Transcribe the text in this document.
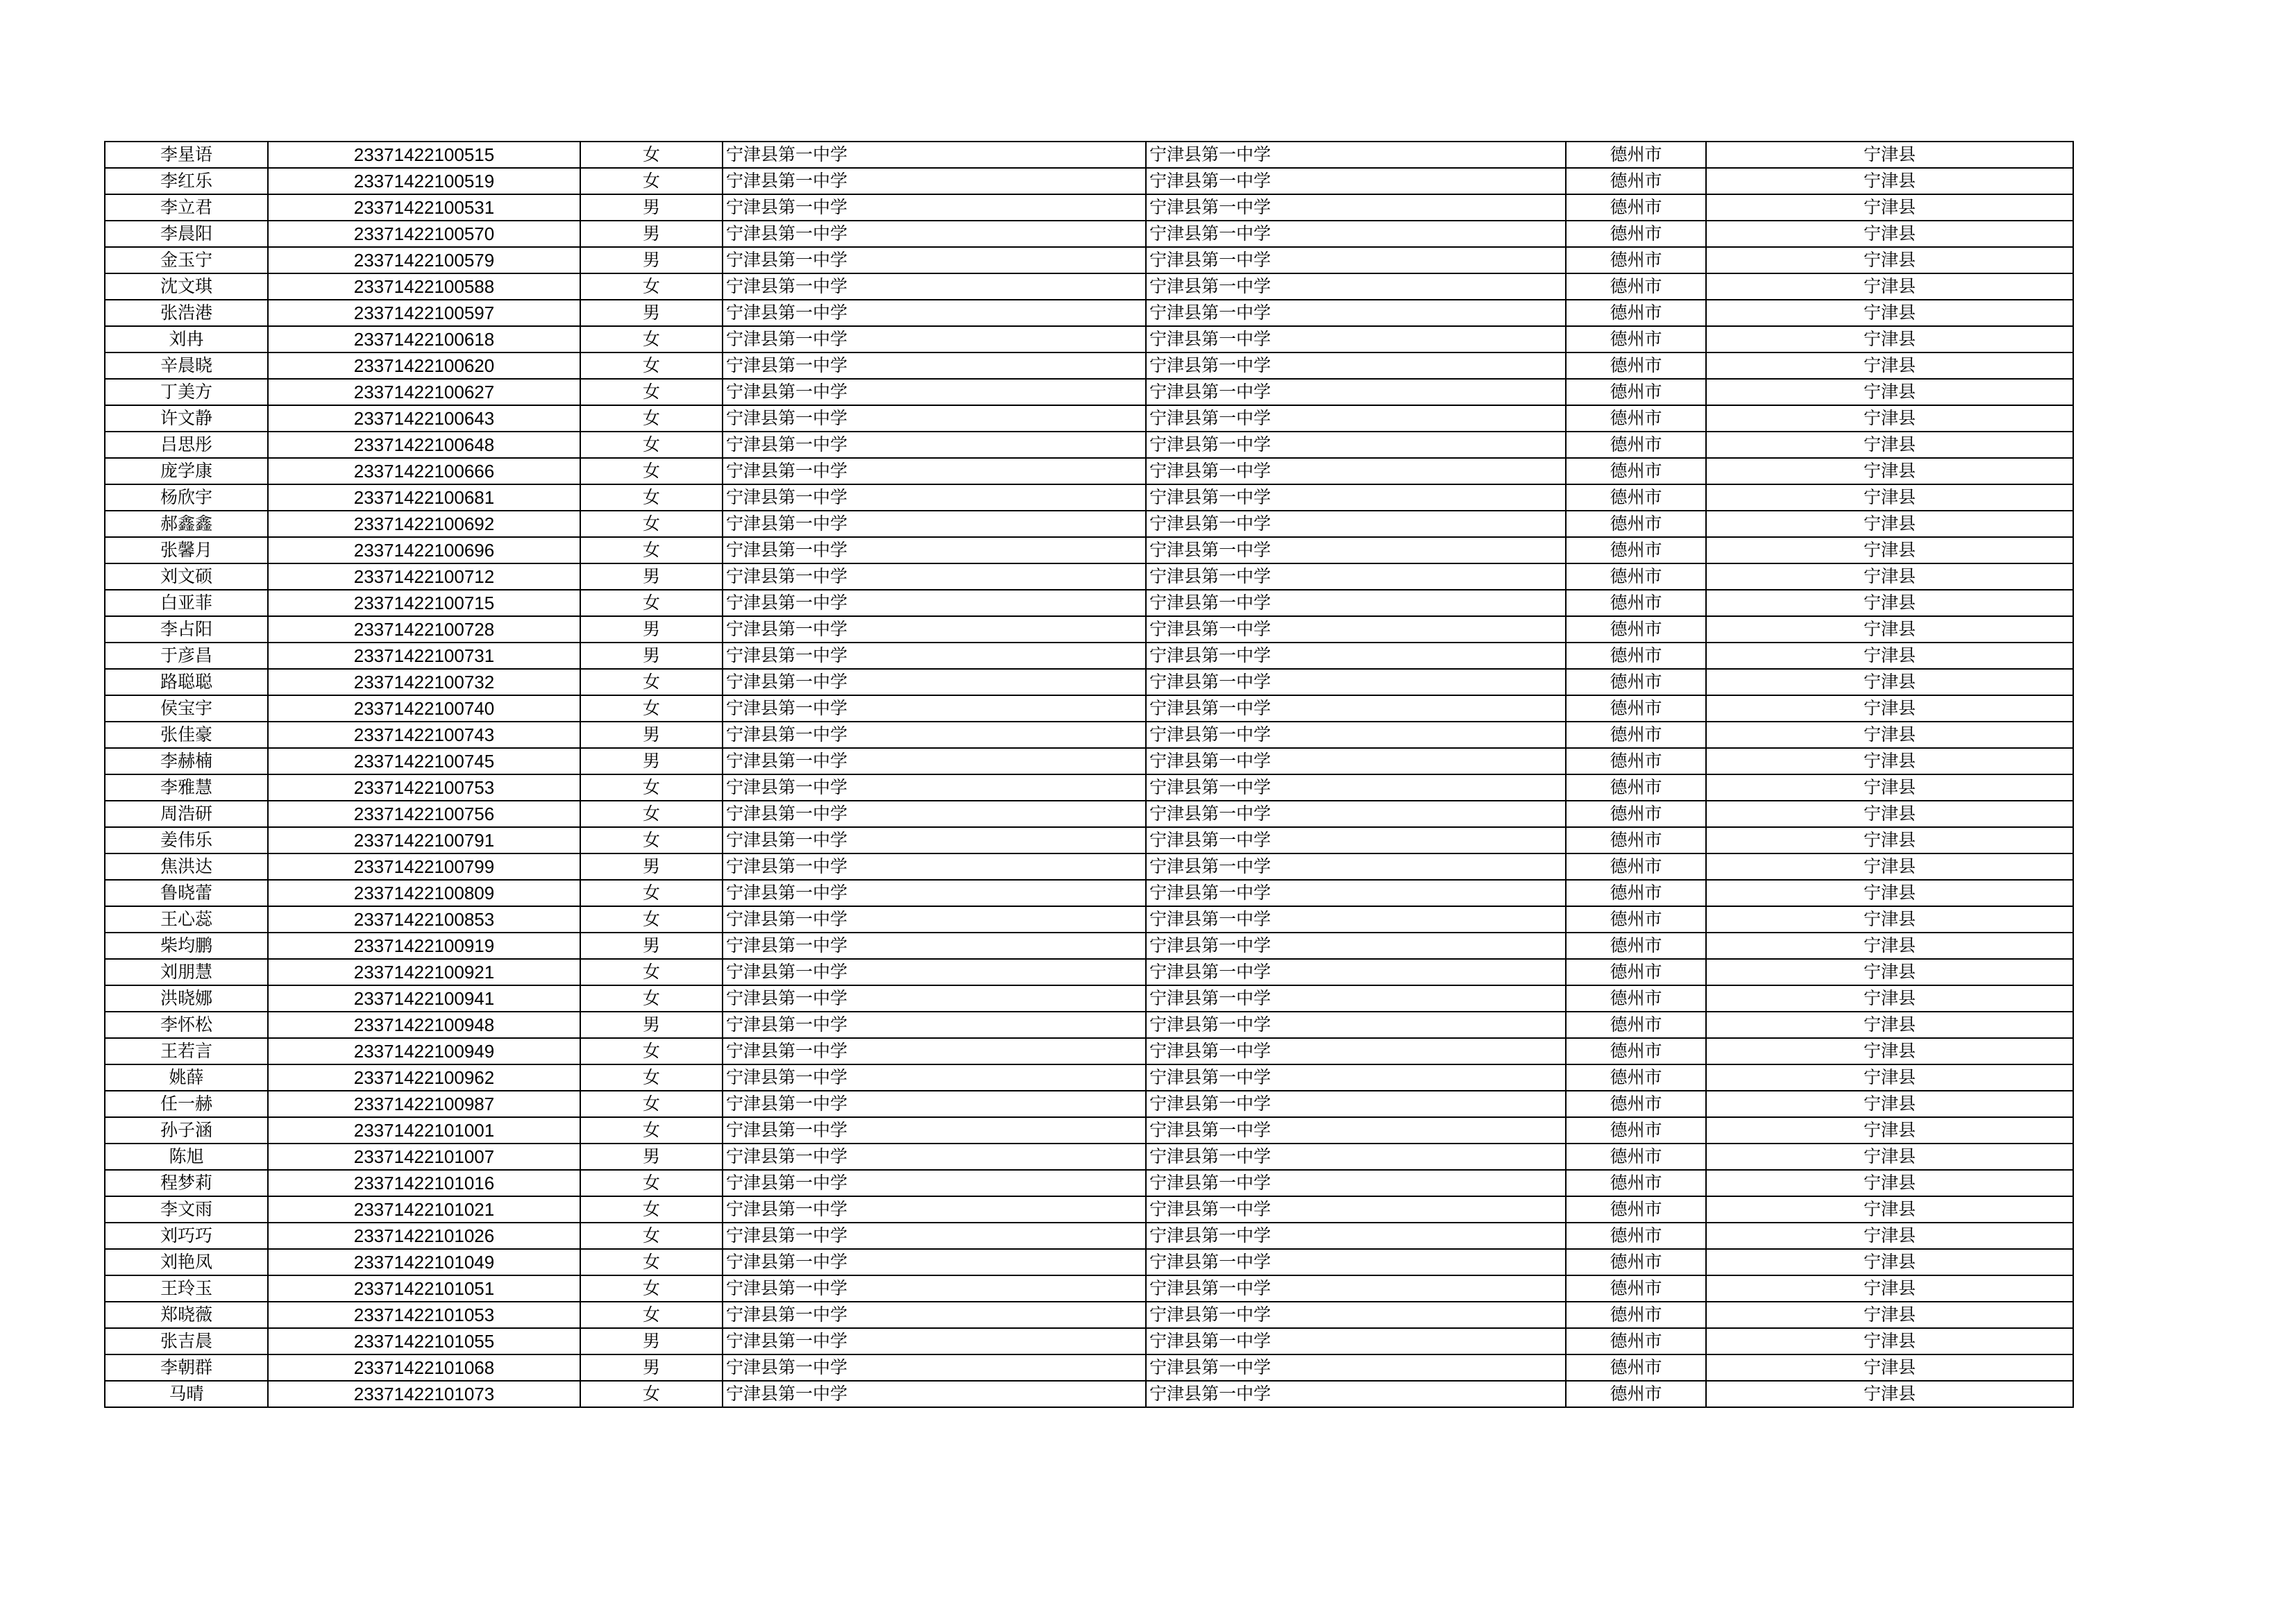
李星语	23371422100515	女	宁津县第一中学	宁津县第一中学	德州市	宁津县
李红乐	23371422100519	女	宁津县第一中学	宁津县第一中学	德州市	宁津县
李立君	23371422100531	男	宁津县第一中学	宁津县第一中学	德州市	宁津县
李晨阳	23371422100570	男	宁津县第一中学	宁津县第一中学	德州市	宁津县
金玉宁	23371422100579	男	宁津县第一中学	宁津县第一中学	德州市	宁津县
沈文琪	23371422100588	女	宁津县第一中学	宁津县第一中学	德州市	宁津县
张浩港	23371422100597	男	宁津县第一中学	宁津县第一中学	德州市	宁津县
刘冉	23371422100618	女	宁津县第一中学	宁津县第一中学	德州市	宁津县
辛晨晓	23371422100620	女	宁津县第一中学	宁津县第一中学	德州市	宁津县
丁美方	23371422100627	女	宁津县第一中学	宁津县第一中学	德州市	宁津县
许文静	23371422100643	女	宁津县第一中学	宁津县第一中学	德州市	宁津县
吕思彤	23371422100648	女	宁津县第一中学	宁津县第一中学	德州市	宁津县
庞学康	23371422100666	女	宁津县第一中学	宁津县第一中学	德州市	宁津县
杨欣宇	23371422100681	女	宁津县第一中学	宁津县第一中学	德州市	宁津县
郝鑫鑫	23371422100692	女	宁津县第一中学	宁津县第一中学	德州市	宁津县
张馨月	23371422100696	女	宁津县第一中学	宁津县第一中学	德州市	宁津县
刘文硕	23371422100712	男	宁津县第一中学	宁津县第一中学	德州市	宁津县
白亚菲	23371422100715	女	宁津县第一中学	宁津县第一中学	德州市	宁津县
李占阳	23371422100728	男	宁津县第一中学	宁津县第一中学	德州市	宁津县
于彦昌	23371422100731	男	宁津县第一中学	宁津县第一中学	德州市	宁津县
路聪聪	23371422100732	女	宁津县第一中学	宁津县第一中学	德州市	宁津县
侯宝宇	23371422100740	女	宁津县第一中学	宁津县第一中学	德州市	宁津县
张佳豪	23371422100743	男	宁津县第一中学	宁津县第一中学	德州市	宁津县
李赫楠	23371422100745	男	宁津县第一中学	宁津县第一中学	德州市	宁津县
李雅慧	23371422100753	女	宁津县第一中学	宁津县第一中学	德州市	宁津县
周浩研	23371422100756	女	宁津县第一中学	宁津县第一中学	德州市	宁津县
姜伟乐	23371422100791	女	宁津县第一中学	宁津县第一中学	德州市	宁津县
焦洪达	23371422100799	男	宁津县第一中学	宁津县第一中学	德州市	宁津县
鲁晓蕾	23371422100809	女	宁津县第一中学	宁津县第一中学	德州市	宁津县
王心蕊	23371422100853	女	宁津县第一中学	宁津县第一中学	德州市	宁津县
柴均鹏	23371422100919	男	宁津县第一中学	宁津县第一中学	德州市	宁津县
刘朋慧	23371422100921	女	宁津县第一中学	宁津县第一中学	德州市	宁津县
洪晓娜	23371422100941	女	宁津县第一中学	宁津县第一中学	德州市	宁津县
李怀松	23371422100948	男	宁津县第一中学	宁津县第一中学	德州市	宁津县
王若言	23371422100949	女	宁津县第一中学	宁津县第一中学	德州市	宁津县
姚薛	23371422100962	女	宁津县第一中学	宁津县第一中学	德州市	宁津县
任一赫	23371422100987	女	宁津县第一中学	宁津县第一中学	德州市	宁津县
孙子涵	23371422101001	女	宁津县第一中学	宁津县第一中学	德州市	宁津县
陈旭	23371422101007	男	宁津县第一中学	宁津县第一中学	德州市	宁津县
程梦莉	23371422101016	女	宁津县第一中学	宁津县第一中学	德州市	宁津县
李文雨	23371422101021	女	宁津县第一中学	宁津县第一中学	德州市	宁津县
刘巧巧	23371422101026	女	宁津县第一中学	宁津县第一中学	德州市	宁津县
刘艳凤	23371422101049	女	宁津县第一中学	宁津县第一中学	德州市	宁津县
王玲玉	23371422101051	女	宁津县第一中学	宁津县第一中学	德州市	宁津县
郑晓薇	23371422101053	女	宁津县第一中学	宁津县第一中学	德州市	宁津县
张吉晨	23371422101055	男	宁津县第一中学	宁津县第一中学	德州市	宁津县
李朝群	23371422101068	男	宁津县第一中学	宁津县第一中学	德州市	宁津县
马晴	23371422101073	女	宁津县第一中学	宁津县第一中学	德州市	宁津县
